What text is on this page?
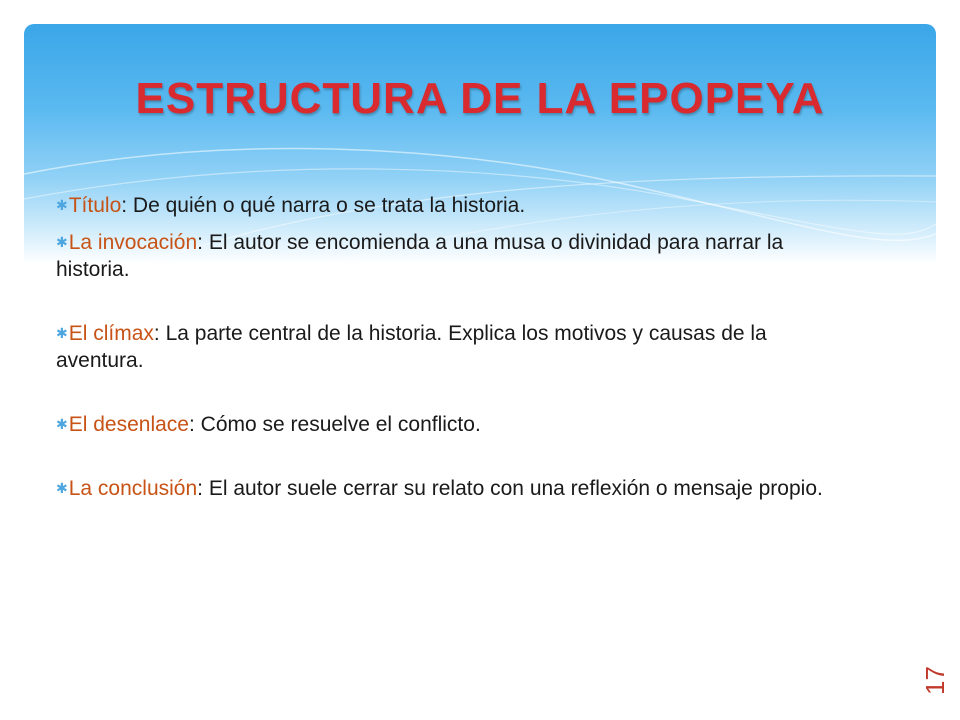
ESTRUCTURA DE LA EPOPEYA
✱Título: De quién o qué narra o se trata la historia.
✱La invocación: El autor se encomienda a una musa o divinidad para narrar la historia.
✱El clímax: La parte central de la historia. Explica los motivos y causas de la aventura.
✱El desenlace: Cómo se resuelve el conflicto.
✱La conclusión: El autor suele cerrar su relato con una reflexión o mensaje propio.
17
